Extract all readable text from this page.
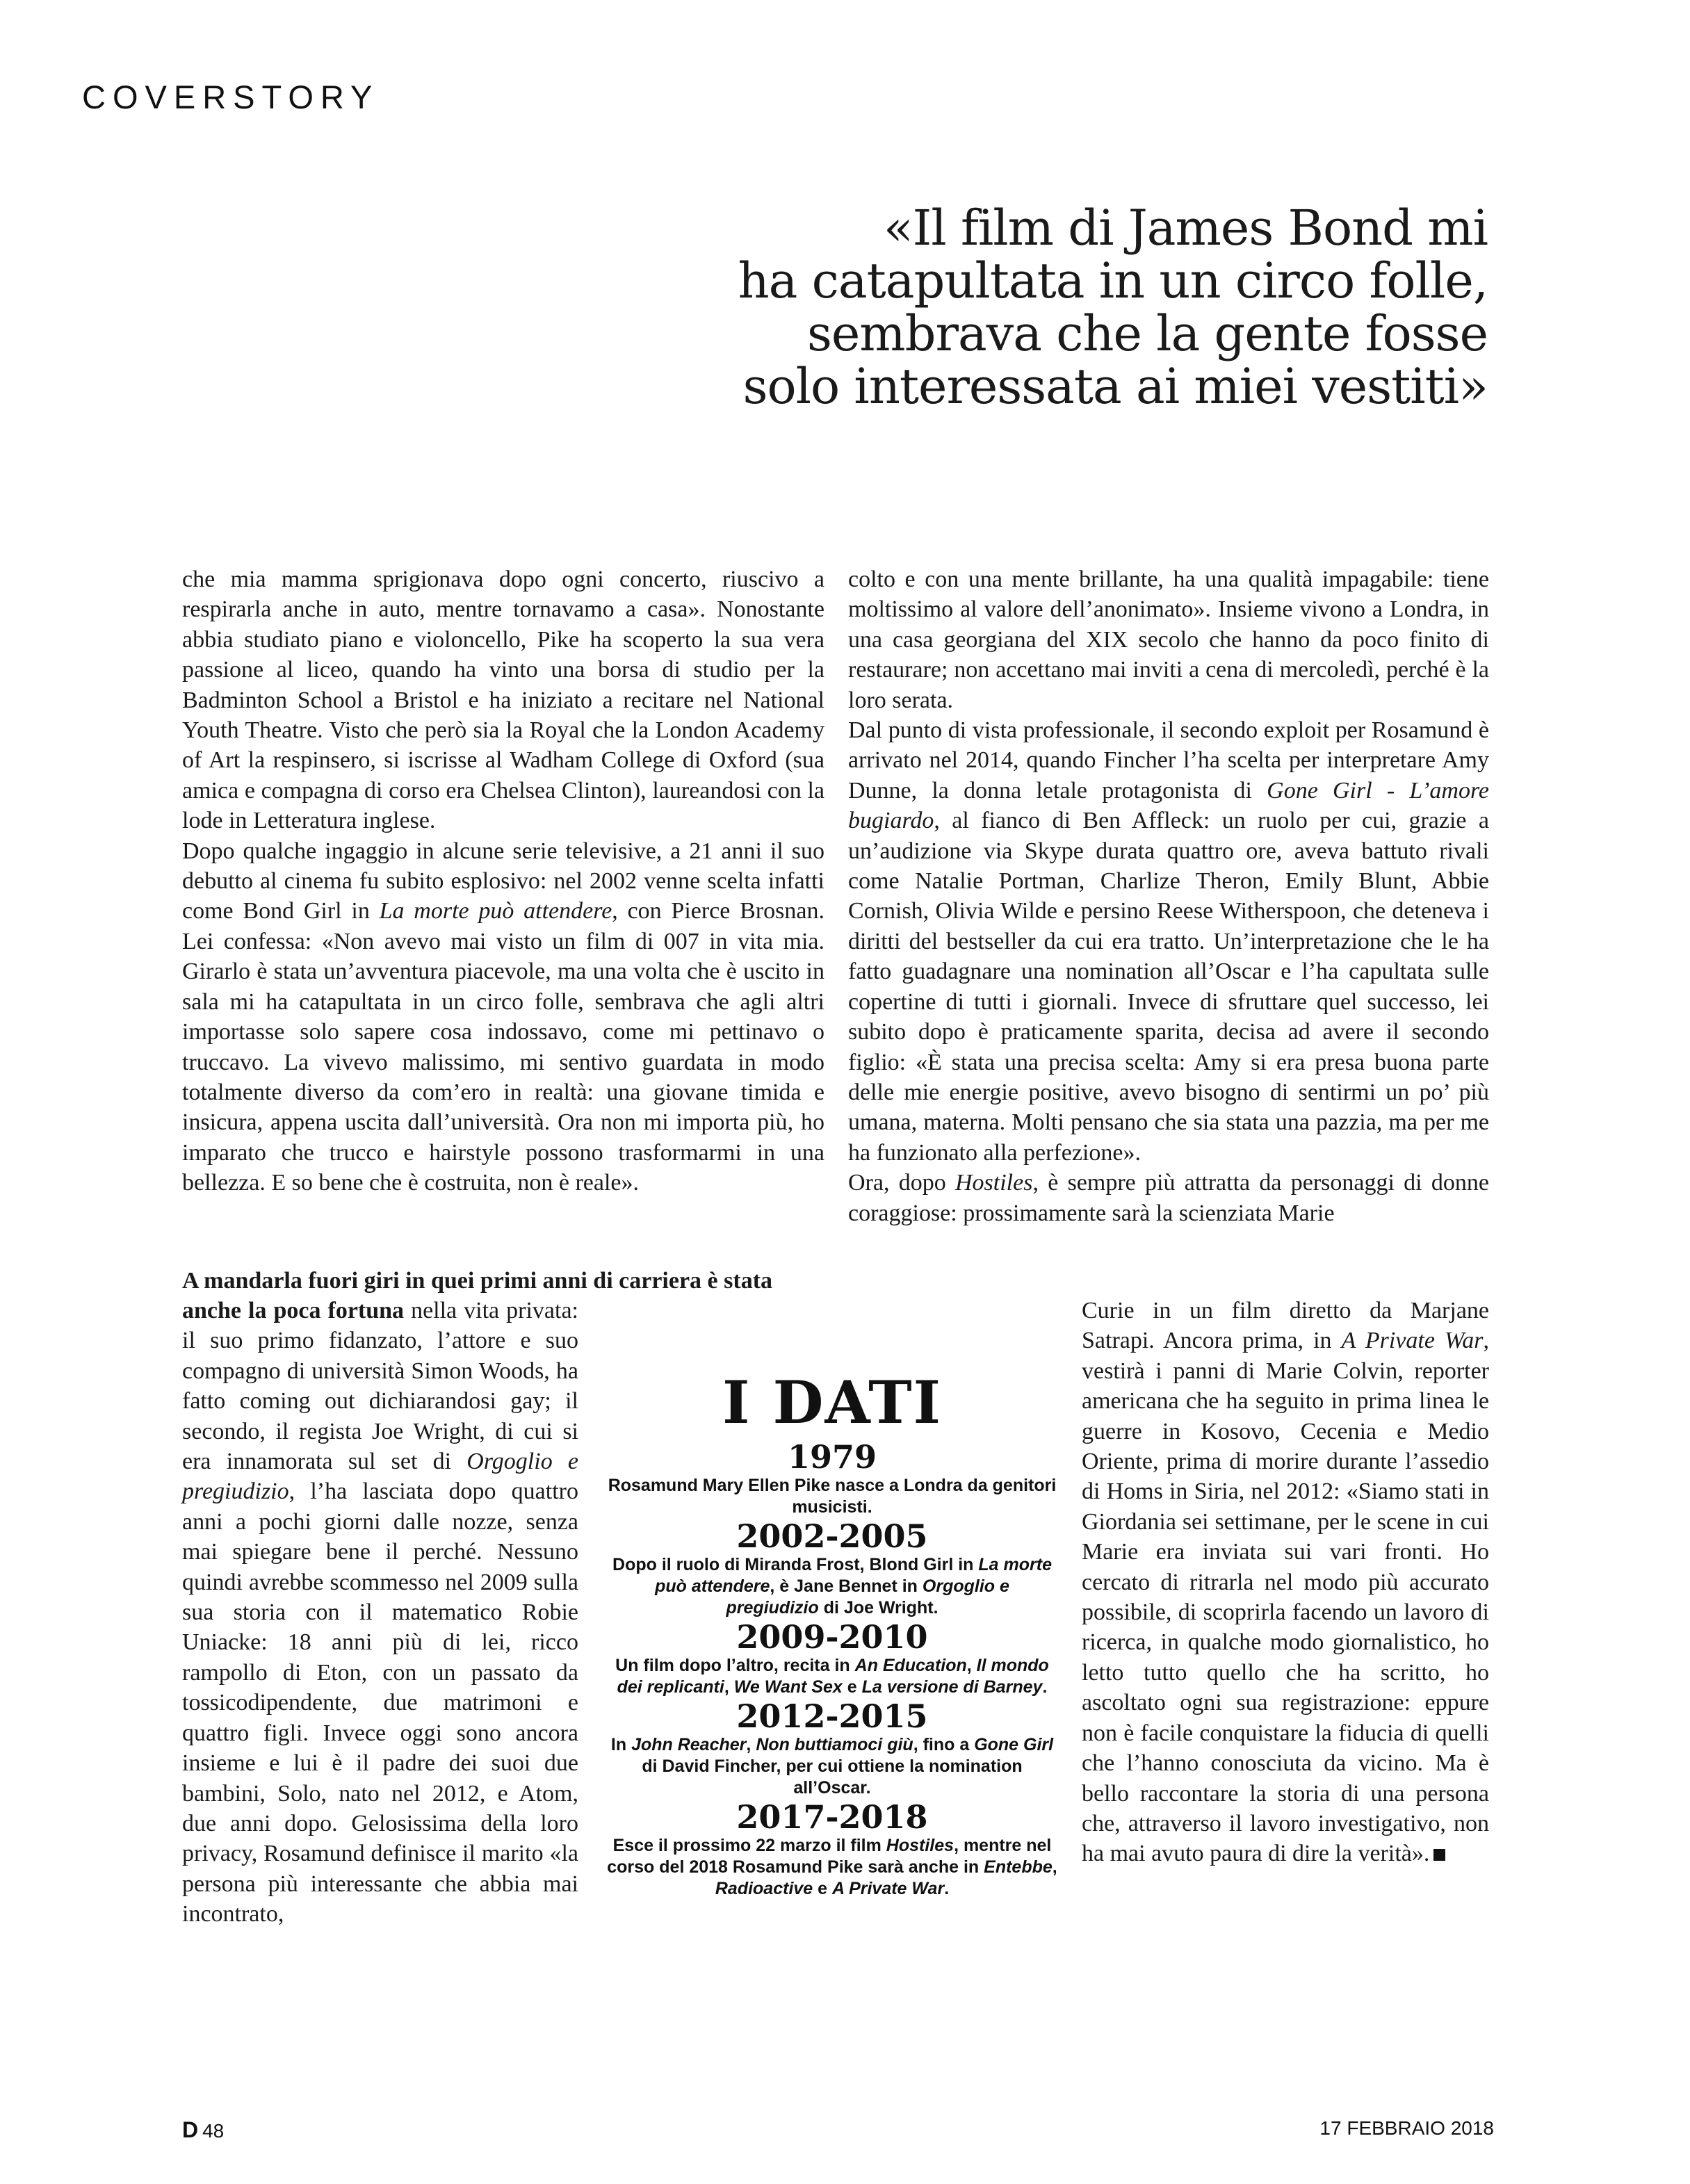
COVERSTORY
«Il film di James Bond mi
ha catapultata in un circo folle,
sembrava che la gente fosse
solo interessata ai miei vestiti»

che mia mamma sprigionava dopo ogni concerto, riuscivo a respirarla anche in auto, mentre tornavamo a casa». Nonostante abbia studiato piano e violoncello, Pike ha scoperto la sua vera passione al liceo, quando ha vinto una borsa di studio per la Badminton School a Bristol e ha iniziato a recitare nel National Youth Theatre. Visto che però sia la Royal che la London Academy of Art la respinsero, si iscrisse al Wadham College di Oxford (sua amica e compagna di corso era Chelsea Clinton), laureandosi con la lode in Letteratura inglese.

Dopo qualche ingaggio in alcune serie televisive, a 21 anni il suo debutto al cinema fu subito esplosivo: nel 2002 venne scelta infatti come Bond Girl in La morte può attendere, con Pierce Brosnan. Lei confessa: «Non avevo mai visto un film di 007 in vita mia. Girarlo è stata un’avventura piacevole, ma una volta che è uscito in sala mi ha catapultata in un circo folle, sembrava che agli altri importasse solo sapere cosa indossavo, come mi pettinavo o truccavo. La vivevo malissimo, mi sentivo guardata in modo totalmente diverso da com’ero in realtà: una giovane timida e insicura, appena uscita dall’università. Ora non mi importa più, ho imparato che trucco e hairstyle possono trasformarmi in una bellezza. E so bene che è costruita, non è reale».

A mandarla fuori giri in quei primi anni di carriera è stata

anche la poca fortuna nella vita privata: il suo primo fidanzato, l’attore e suo compagno di università Simon Woods, ha fatto coming out dichiarandosi gay; il secondo, il regista Joe Wright, di cui si era innamorata sul set di Orgoglio e pregiudizio, l’ha lasciata dopo quattro anni a pochi giorni dalle nozze, senza mai spiegare bene il perché. Nessuno quindi avrebbe scommesso nel 2009 sulla sua storia con il matematico Robie Uniacke: 18 anni più di lei, ricco rampollo di Eton, con un passato da tossicodipendente, due matrimoni e quattro figli. Invece oggi sono ancora insieme e lui è il padre dei suoi due bambini, Solo, nato nel 2012, e Atom, due anni dopo. Gelosissima della loro privacy, Rosamund definisce il marito «la persona più interessante che abbia mai incontrato,

colto e con una mente brillante, ha una qualità impagabile: tiene moltissimo al valore dell’anonimato». Insieme vivono a Londra, in una casa georgiana del XIX secolo che hanno da poco finito di restaurare; non accettano mai inviti a cena di mercoledì, perché è la loro serata.

Dal punto di vista professionale, il secondo exploit per Rosamund è arrivato nel 2014, quando Fincher l’ha scelta per interpretare Amy Dunne, la donna letale protagonista di Gone Girl - L’amore bugiardo, al fianco di Ben Affleck: un ruolo per cui, grazie a un’audizione via Skype durata quattro ore, aveva battuto rivali come Natalie Portman, Charlize Theron, Emily Blunt, Abbie Cornish, Olivia Wilde e persino Reese Witherspoon, che deteneva i diritti del bestseller da cui era tratto. Un’interpretazione che le ha fatto guadagnare una nomination all’Oscar e l’ha capultata sulle copertine di tutti i giornali. Invece di sfruttare quel successo, lei subito dopo è praticamente sparita, decisa ad avere il secondo figlio: «È stata una precisa scelta: Amy si era presa buona parte delle mie energie positive, avevo bisogno di sentirmi un po’ più umana, materna. Molti pensano che sia stata una pazzia, ma per me ha funzionato alla perfezione».

Ora, dopo Hostiles, è sempre più attratta da personaggi di donne coraggiose: prossimamente sarà la scienziata Marie

Curie in un film diretto da Marjane Satrapi. Ancora prima, in A Private War, vestirà i panni di Marie Colvin, reporter americana che ha seguito in prima linea le guerre in Kosovo, Cecenia e Medio Oriente, prima di morire durante l’assedio di Homs in Siria, nel 2012: «Siamo stati in Giordania sei settimane, per le scene in cui Marie era inviata sui vari fronti. Ho cercato di ritrarla nel modo più accurato possibile, di scoprirla facendo un lavoro di ricerca, in qualche modo giornalistico, ho letto tutto quello che ha scritto, ho ascoltato ogni sua registrazione: eppure non è facile conquistare la fiducia di quelli che l’hanno conosciuta da vicino. Ma è bello raccontare la storia di una persona che, attraverso il lavoro investigativo, non ha mai avuto paura di dire la verità».

I DATI
1979
Rosamund Mary Ellen Pike nasce a Londra da genitori musicisti.
2002-2005
Dopo il ruolo di Miranda Frost, Blond Girl in La morte può attendere, è Jane Bennet in Orgoglio e pregiudizio di Joe Wright.
2009-2010
Un film dopo l’altro, recita in An Education, Il mondo dei replicanti, We Want Sex e La versione di Barney.
2012-2015
In John Reacher, Non buttiamoci giù, fino a Gone Girl di David Fincher, per cui ottiene la nomination all’Oscar.
2017-2018
Esce il prossimo 22 marzo il film Hostiles, mentre nel corso del 2018 Rosamund Pike sarà anche in Entebbe, Radioactive e A Private War.
D 48	17 FEBBRAIO 2018
